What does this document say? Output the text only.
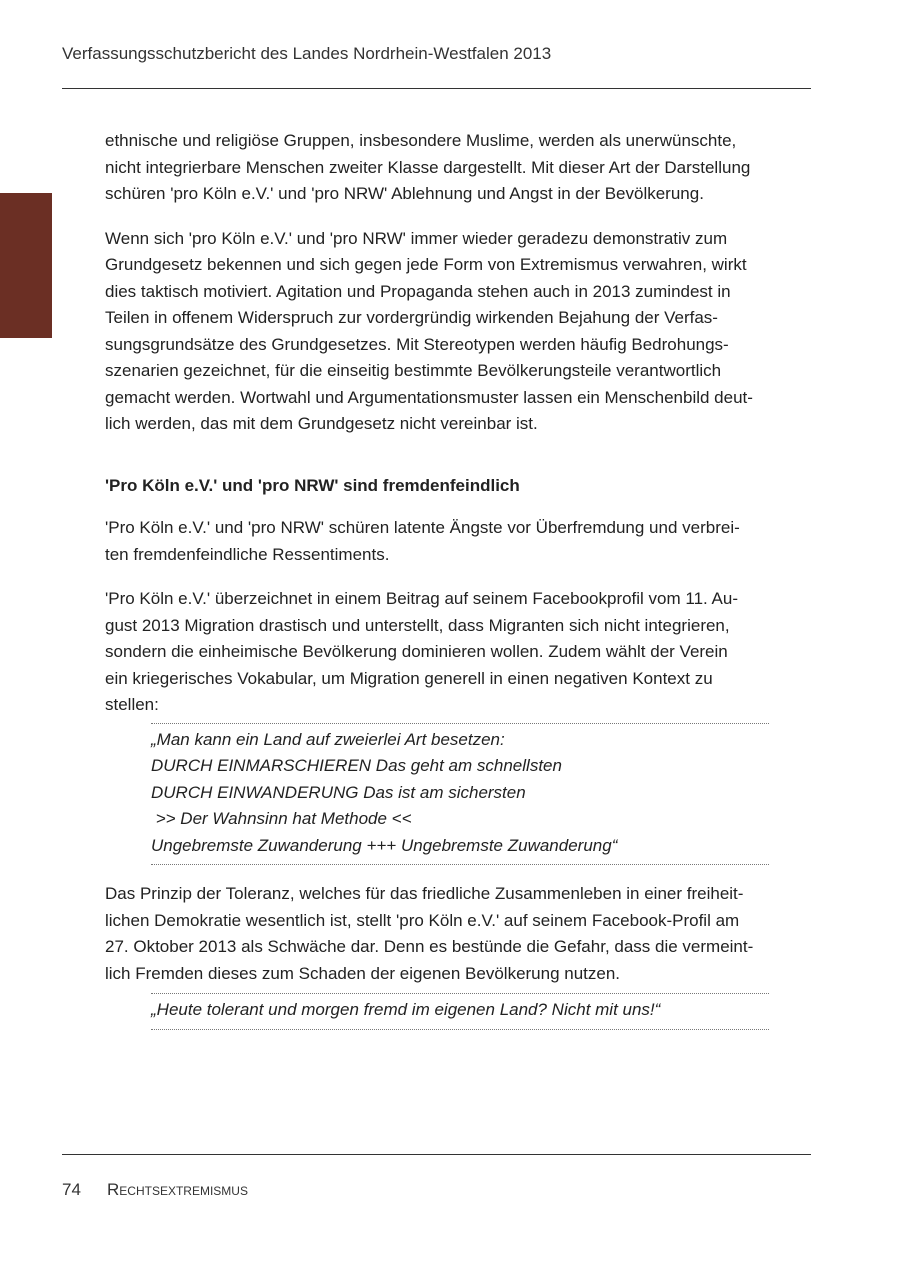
Verfassungsschutzbericht des Landes Nordrhein-Westfalen 2013
ethnische und religiöse Gruppen, insbesondere Muslime, werden als unerwünschte,
nicht integrierbare Menschen zweiter Klasse dargestellt. Mit dieser Art der Darstellung
schüren 'pro Köln e.V.' und 'pro NRW' Ablehnung und Angst in der Bevölkerung.
Wenn sich 'pro Köln e.V.' und 'pro NRW' immer wieder geradezu demonstrativ zum
Grundgesetz bekennen und sich gegen jede Form von Extremismus verwahren, wirkt
dies taktisch motiviert. Agitation und Propaganda stehen auch in 2013 zumindest in
Teilen in offenem Widerspruch zur vordergründig wirkenden Bejahung der Verfas-
sungsgrundsätze des Grundgesetzes. Mit Stereotypen werden häufig Bedrohungs-
szenarien gezeichnet, für die einseitig bestimmte Bevölkerungsteile verantwortlich
gemacht werden. Wortwahl und Argumentationsmuster lassen ein Menschenbild deut-
lich werden, das mit dem Grundgesetz nicht vereinbar ist.
'Pro Köln e.V.' und 'pro NRW' sind fremdenfeindlich
'Pro Köln e.V.' und 'pro NRW' schüren latente Ängste vor Überfremdung und verbrei-
ten fremdenfeindliche Ressentiments.
'Pro Köln e.V.' überzeichnet in einem Beitrag auf seinem Facebookprofil vom 11. Au-
gust 2013 Migration drastisch und unterstellt, dass Migranten sich nicht integrieren,
sondern die einheimische Bevölkerung dominieren wollen. Zudem wählt der Verein
ein kriegerisches Vokabular, um Migration generell in einen negativen Kontext zu
stellen:
„Man kann ein Land auf zweierlei Art besetzen:
DURCH EINMARSCHIEREN Das geht am schnellsten
DURCH EINWANDERUNG Das ist am sichersten
>> Der Wahnsinn hat Methode <<
Ungebremste Zuwanderung +++ Ungebremste Zuwanderung“
Das Prinzip der Toleranz, welches für das friedliche Zusammenleben in einer freiheit-
lichen Demokratie wesentlich ist, stellt 'pro Köln e.V.' auf seinem Facebook-Profil am
27. Oktober 2013 als Schwäche dar. Denn es bestünde die Gefahr, dass die vermeint-
lich Fremden dieses zum Schaden der eigenen Bevölkerung nutzen.
„Heute tolerant und morgen fremd im eigenen Land? Nicht mit uns!“
74 Rechtsextremismus
